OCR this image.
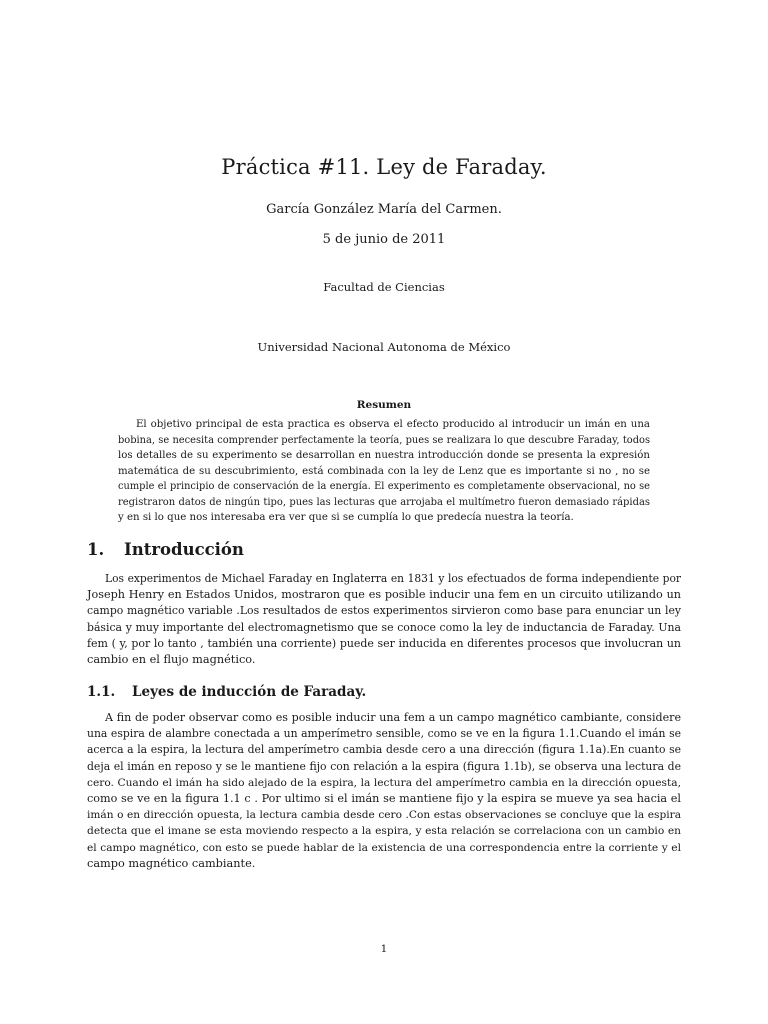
Práctica #11. Ley de Faraday.
García González María del Carmen.
5 de junio de 2011
Facultad de Ciencias
Universidad Nacional Autonoma de México
Resumen
El objetivo principal de esta practica es observa el efecto producido al introducir un imán en una
bobina, se necesita comprender perfectamente la teoría, pues se realizara lo que descubre Faraday, todos
los detalles de su experimento se desarrollan en nuestra introducción donde se presenta la expresión
matemática de su descubrimiento, está combinada con la ley de Lenz que es importante si no , no se
cumple el principio de conservación de la energía. El experimento es completamente observacional, no se
registraron datos de ningún tipo, pues las lecturas que arrojaba el multímetro fueron demasiado rápidas
y en si lo que nos interesaba era ver que si se cumplía lo que predecía nuestra la teoría.
1. Introducción
Los experimentos de Michael Faraday en Inglaterra en 1831 y los efectuados de forma independiente por
Joseph Henry en Estados Unidos, mostraron que es posible inducir una fem en un circuito utilizando un
campo magnético variable .Los resultados de estos experimentos sirvieron como base para enunciar un ley
básica y muy importante del electromagnetismo que se conoce como la ley de inductancia de Faraday. Una
fem ( y, por lo tanto , también una corriente) puede ser inducida en diferentes procesos que involucran un
cambio en el flujo magnético.
1.1. Leyes de inducción de Faraday.
A fin de poder observar como es posible inducir una fem a un campo magnético cambiante, considere
una espira de alambre conectada a un amperímetro sensible, como se ve en la figura 1.1.Cuando el imán se
acerca a la espira, la lectura del amperímetro cambia desde cero a una dirección (figura 1.1a).En cuanto se
deja el imán en reposo y se le mantiene fijo con relación a la espira (figura 1.1b), se observa una lectura de
cero. Cuando el imán ha sido alejado de la espira, la lectura del amperímetro cambia en la dirección opuesta,
como se ve en la figura 1.1 c . Por ultimo si el imán se mantiene fijo y la espira se mueve ya sea hacia el
imán o en dirección opuesta, la lectura cambia desde cero .Con estas observaciones se concluye que la espira
detecta que el imane se esta moviendo respecto a la espira, y esta relación se correlaciona con un cambio en
el campo magnético, con esto se puede hablar de la existencia de una correspondencia entre la corriente y el
campo magnético cambiante.
1
